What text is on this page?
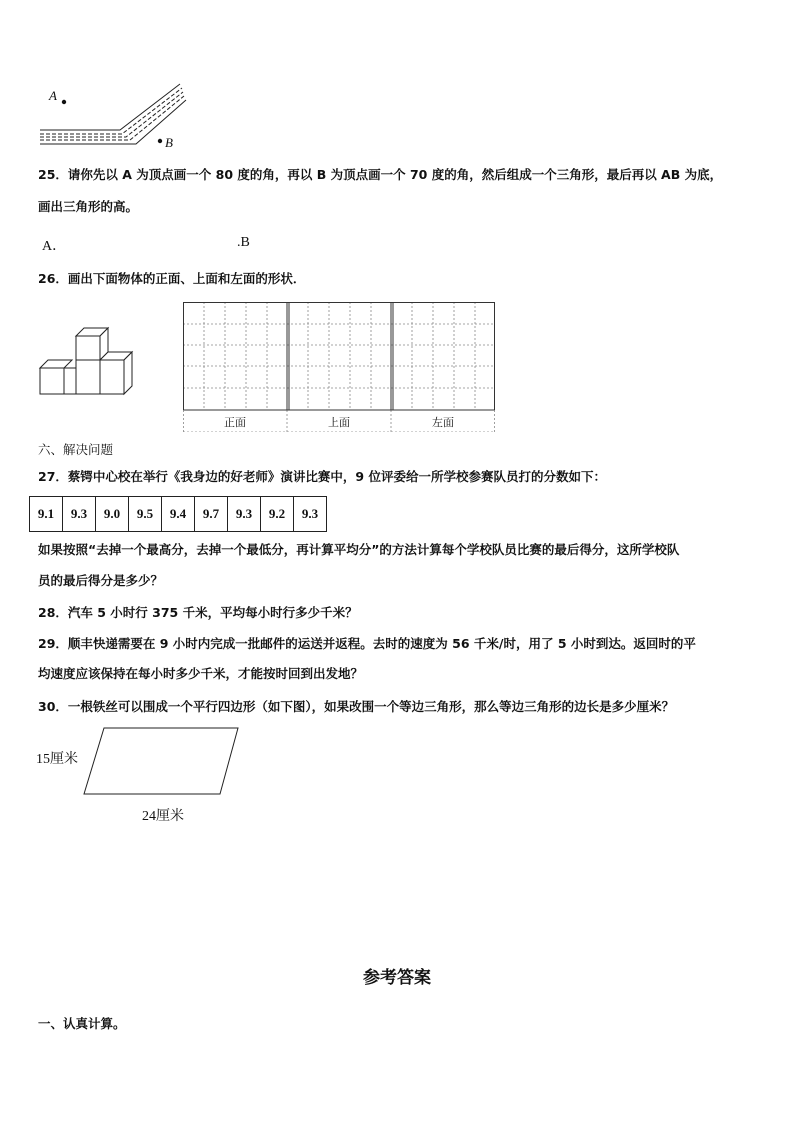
A
B
25．请你先以 A 为顶点画一个 80 度的角，再以 B 为顶点画一个 70 度的角，然后组成一个三角形，最后再以 AB 为底，
画出三角形的高。
A．	.B
26．画出下面物体的正面、上面和左面的形状．
正面	上面	左面
六、解决问题
27．蔡锷中心校在举行《我身边的好老师》演讲比赛中，9 位评委给一所学校参赛队员打的分数如下：
9.1	9.3	9.0	9.5	9.4	9.7	9.3	9.2	9.3
如果按照“去掉一个最高分，去掉一个最低分，再计算平均分”的方法计算每个学校队员比赛的最后得分，这所学校队
员的最后得分是多少？
28．汽车 5 小时行 375 千米，平均每小时行多少千米？
29．顺丰快递需要在 9 小时内完成一批邮件的运送并返程。去时的速度为 56 千米/时，用了 5 小时到达。返回时的平
均速度应该保持在每小时多少千米，才能按时回到出发地？
30．一根铁丝可以围成一个平行四边形（如下图），如果改围一个等边三角形，那么等边三角形的边长是多少厘米？
15厘米
24厘米
参考答案
一、认真计算。
